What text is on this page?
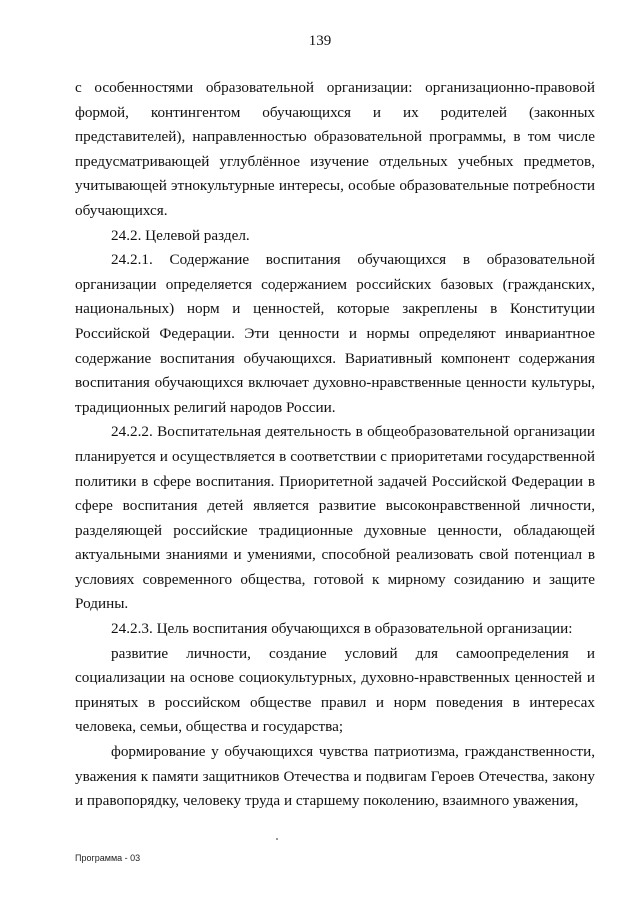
139

с особенностями образовательной организации: организационно-правовой формой, контингентом обучающихся и их родителей (законных представителей), направленностью образовательной программы, в том числе предусматривающей углублённое изучение отдельных учебных предметов, учитывающей этнокультурные интересы, особые образовательные потребности обучающихся.

24.2. Целевой раздел.

24.2.1. Содержание воспитания обучающихся в образовательной организации определяется содержанием российских базовых (гражданских, национальных) норм и ценностей, которые закреплены в Конституции Российской Федерации. Эти ценности и нормы определяют инвариантное содержание воспитания обучающихся. Вариативный компонент содержания воспитания обучающихся включает духовно-нравственные ценности культуры, традиционных религий народов России.

24.2.2. Воспитательная деятельность в общеобразовательной организации планируется и осуществляется в соответствии с приоритетами государственной политики в сфере воспитания. Приоритетной задачей Российской Федерации в сфере воспитания детей является развитие высоконравственной личности, разделяющей российские традиционные духовные ценности, обладающей актуальными знаниями и умениями, способной реализовать свой потенциал в условиях современного общества, готовой к мирному созиданию и защите Родины.

24.2.3. Цель воспитания обучающихся в образовательной организации:

развитие личности, создание условий для самоопределения и социализации на основе социокультурных, духовно-нравственных ценностей и принятых в российском обществе правил и норм поведения в интересах человека, семьи, общества и государства;

формирование у обучающихся чувства патриотизма, гражданственности, уважения к памяти защитников Отечества и подвигам Героев Отечества, закону и правопорядку, человеку труда и старшему поколению, взаимного уважения,

Программа - 03
